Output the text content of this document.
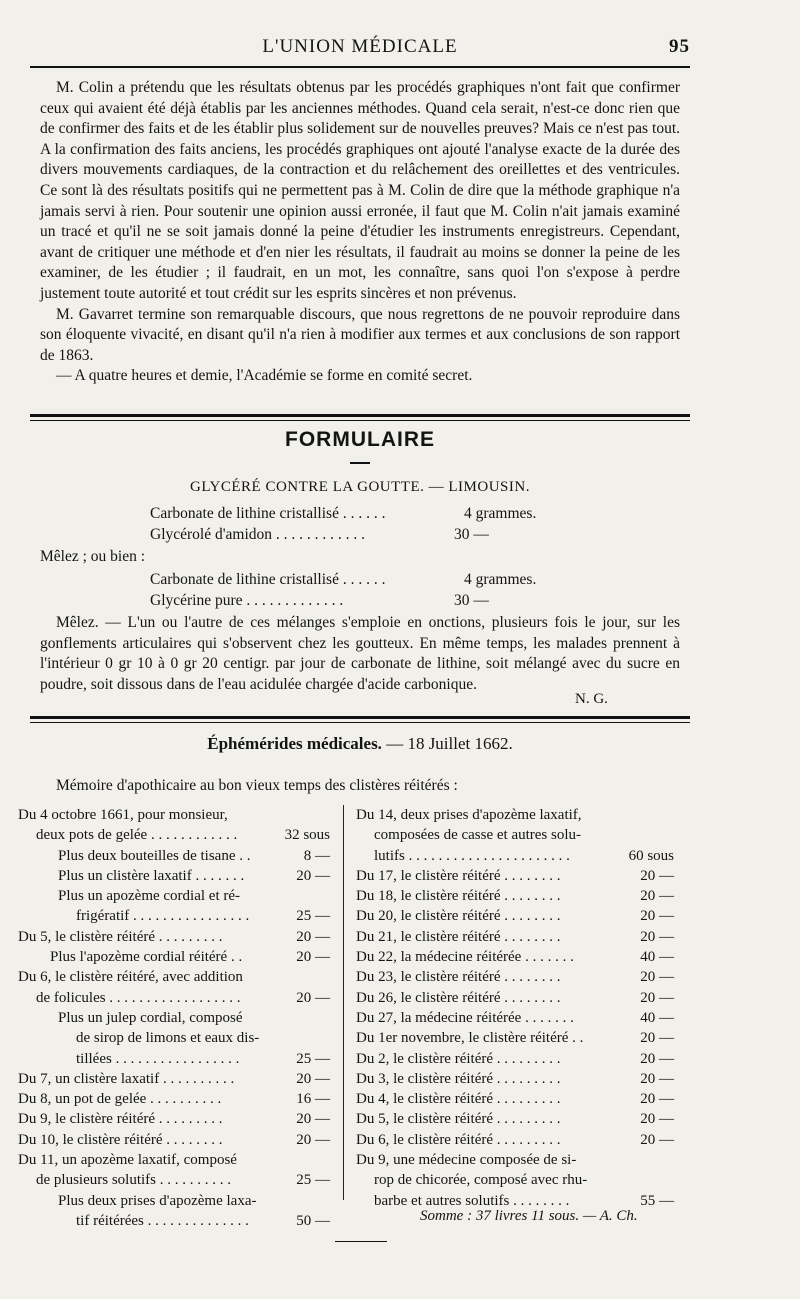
L'UNION MÉDICALE	95

M. Colin a prétendu que les résultats obtenus par les procédés graphiques n'ont fait que confirmer ceux qui avaient été déjà établis par les anciennes méthodes. Quand cela serait, n'est-ce donc rien que de confirmer des faits et de les établir plus solidement sur de nouvelles preuves? Mais ce n'est pas tout. A la confirmation des faits anciens, les procédés graphiques ont ajouté l'analyse exacte de la durée des divers mouvements cardiaques, de la contraction et du relâchement des oreillettes et des ventricules. Ce sont là des résultats positifs qui ne permettent pas à M. Colin de dire que la méthode graphique n'a jamais servi à rien. Pour soutenir une opinion aussi erronée, il faut que M. Colin n'ait jamais examiné un tracé et qu'il ne se soit jamais donné la peine d'étudier les instruments enregistreurs. Cependant, avant de critiquer une méthode et d'en nier les résultats, il faudrait au moins se donner la peine de les examiner, de les étudier ; il faudrait, en un mot, les connaître, sans quoi l'on s'expose à perdre justement toute autorité et tout crédit sur les esprits sincères et non prévenus.

M. Gavarret termine son remarquable discours, que nous regrettons de ne pouvoir reproduire dans son éloquente vivacité, en disant qu'il n'a rien à modifier aux termes et aux conclusions de son rapport de 1863.

— A quatre heures et demie, l'Académie se forme en comité secret.

FORMULAIRE
GLYCÉRÉ CONTRE LA GOUTTE. — LIMOUSIN.
Carbonate de lithine cristallisé . . . . . .	4 grammes.
Glycérolé d'amidon . . . . . . . . . . . .	30 —
Mêlez ; ou bien :
Carbonate de lithine cristallisé . . . . . .	4 grammes.
Glycérine pure . . . . . . . . . . . . .	30 —

Mêlez. — L'un ou l'autre de ces mélanges s'emploie en onctions, plusieurs fois le jour, sur les gonflements articulaires qui s'observent chez les goutteux. En même temps, les malades prennent à l'intérieur 0 gr 10 à 0 gr 20 centigr. par jour de carbonate de lithine, soit mélangé avec du sucre en poudre, soit dissous dans de l'eau acidulée chargée d'acide carbonique.

N. G.
Éphémérides médicales. — 18 Juillet 1662.

Mémoire d'apothicaire au bon vieux temps des clistères réitérés :

Du 4 octobre 1661, pour monsieur,
deux pots de gelée . . . . . . . . . . . .	32 sous
Plus deux bouteilles de tisane . .	8 —
Plus un clistère laxatif . . . . . . .	20 —
Plus un apozème cordial et ré-
frigératif . . . . . . . . . . . . . . . .	25 —
Du 5, le clistère réitéré . . . . . . . . .	20 —
Plus l'apozème cordial réitéré . .	20 —
Du 6, le clistère réitéré, avec addition
de folicules . . . . . . . . . . . . . . . . . .	20 —
Plus un julep cordial, composé
de sirop de limons et eaux dis-
tillées . . . . . . . . . . . . . . . . .	25 —
Du 7, un clistère laxatif . . . . . . . . . .	20 —
Du 8, un pot de gelée . . . . . . . . . .	16 —
Du 9, le clistère réitéré . . . . . . . . .	20 —
Du 10, le clistère réitéré . . . . . . . .	20 —
Du 11, un apozème laxatif, composé
de plusieurs solutifs . . . . . . . . . .	25 —
Plus deux prises d'apozème laxa-
tif réitérées . . . . . . . . . . . . . .	50 —
Du 14, deux prises d'apozème laxatif,
composées de casse et autres solu-
lutifs . . . . . . . . . . . . . . . . . . . . . .	60 sous
Du 17, le clistère réitéré . . . . . . . .	20 —
Du 18, le clistère réitéré . . . . . . . .	20 —
Du 20, le clistère réitéré . . . . . . . .	20 —
Du 21, le clistère réitéré . . . . . . . .	20 —
Du 22, la médecine réitérée . . . . . . .	40 —
Du 23, le clistère réitéré . . . . . . . .	20 —
Du 26, le clistère réitéré . . . . . . . .	20 —
Du 27, la médecine réitérée . . . . . . .	40 —
Du 1er novembre, le clistère réitéré . .	20 —
Du 2, le clistère réitéré . . . . . . . . .	20 —
Du 3, le clistère réitéré . . . . . . . . .	20 —
Du 4, le clistère réitéré . . . . . . . . .	20 —
Du 5, le clistère réitéré . . . . . . . . .	20 —
Du 6, le clistère réitéré . . . . . . . . .	20 —
Du 9, une médecine composée de si-
rop de chicorée, composé avec rhu-
barbe et autres solutifs . . . . . . . .	55 —
Somme : 37 livres 11 sous. — A. Ch.
